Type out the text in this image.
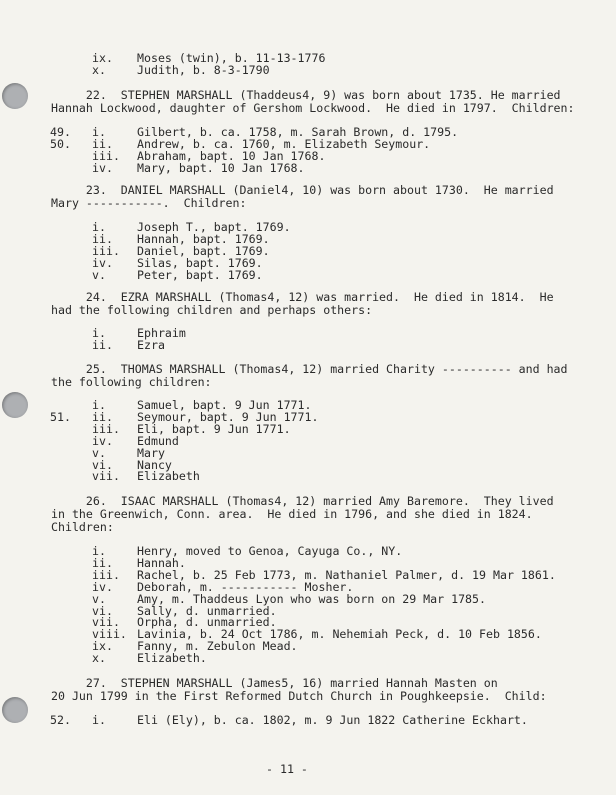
ix. Moses (twin), b. 11-13-1776
x.	Judith, b. 8-3-1790
22.  STEPHEN MARSHALL (Thaddeus4, 9) was born about 1735. He married
Hannah Lockwood, daughter of Gershom Lockwood.  He died in 1797.  Children:
49. i.	Gilbert, b. ca. 1758, m. Sarah Brown, d. 1795.
50. ii. Andrew, b. ca. 1760, m. Elizabeth Seymour.
iii. Abraham, bapt. 10 Jan 1768.
iv. Mary, bapt. 10 Jan 1768.
23.  DANIEL MARSHALL (Daniel4, 10) was born about 1730.  He married
Mary -----------.  Children:
i.	Joseph T., bapt. 1769.
ii. Hannah, bapt. 1769.
iii. Daniel, bapt. 1769.
iv. Silas, bapt. 1769.
v.	Peter, bapt. 1769.
24.  EZRA MARSHALL (Thomas4, 12) was married.  He died in 1814.  He
had the following children and perhaps others:
i.	Ephraim
ii. Ezra
25.  THOMAS MARSHALL (Thomas4, 12) married Charity ---------- and had
the following children:
i.	Samuel, bapt. 9 Jun 1771.
51. ii. Seymour, bapt. 9 Jun 1771.
iii. Eli, bapt. 9 Jun 1771.
iv. Edmund
v.	Mary
vi. Nancy
vii. Elizabeth
26.  ISAAC MARSHALL (Thomas4, 12) married Amy Baremore.  They lived
in the Greenwich, Conn. area.  He died in 1796, and she died in 1824.
Children:
i.	Henry, moved to Genoa, Cayuga Co., NY.
ii. Hannah.
iii. Rachel, b. 25 Feb 1773, m. Nathaniel Palmer, d. 19 Mar 1861.
iv. Deborah, m. ----------- Mosher.
v.	Amy, m. Thaddeus Lyon who was born on 29 Mar 1785.
vi. Sally, d. unmarried.
vii. Orpha, d. unmarried.
viii. Lavinia, b. 24 Oct 1786, m. Nehemiah Peck, d. 10 Feb 1856.
ix. Fanny, m. Zebulon Mead.
x.	Elizabeth.
27.  STEPHEN MARSHALL (James5, 16) married Hannah Masten on
20 Jun 1799 in the First Reformed Dutch Church in Poughkeepsie.  Child:
52. i.	Eli (Ely), b. ca. 1802, m. 9 Jun 1822 Catherine Eckhart.
- 11 -
